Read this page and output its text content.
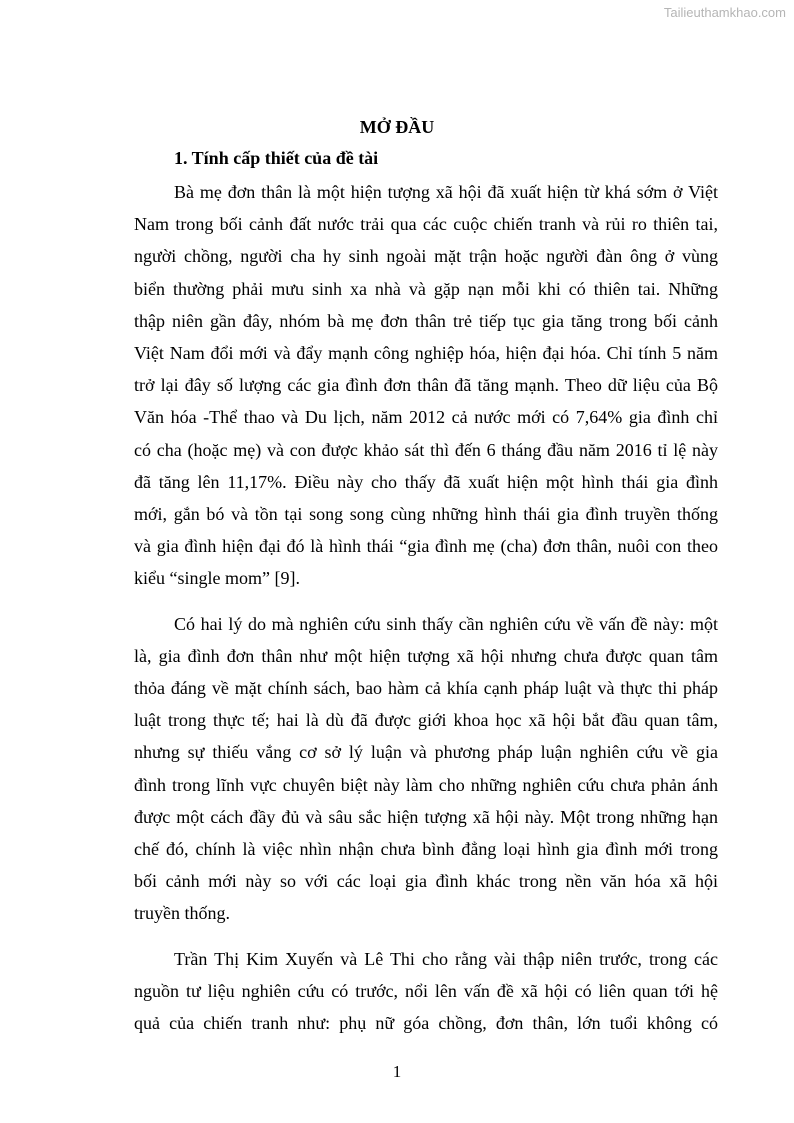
Tailieuthamkhao.com
MỞ ĐẦU
1. Tính cấp thiết của đề tài

Bà mẹ đơn thân là một hiện tượng xã hội đã xuất hiện từ khá sớm ở Việt

Nam trong bối cảnh đất nước trải qua các cuộc chiến tranh và rủi ro thiên tai,

người chồng, người cha hy sinh ngoài mặt trận hoặc người đàn ông ở vùng

biển thường phải mưu sinh xa nhà và gặp nạn mỗi khi có thiên tai. Những

thập niên gần đây, nhóm bà mẹ đơn thân trẻ tiếp tục gia tăng trong bối cảnh

Việt Nam đổi mới và đẩy mạnh công nghiệp hóa, hiện đại hóa. Chỉ tính 5 năm

trở lại đây số lượng các gia đình đơn thân đã tăng mạnh. Theo dữ liệu của Bộ

Văn hóa -Thể thao và Du lịch, năm 2012 cả nước mới có 7,64% gia đình chỉ

có cha (hoặc mẹ) và con được khảo sát thì đến 6 tháng đầu năm 2016 tỉ lệ này

đã tăng lên 11,17%. Điều này cho thấy đã xuất hiện một hình thái gia đình

mới, gắn bó và tồn tại song song cùng những hình thái gia đình truyền thống

và gia đình hiện đại đó là hình thái “gia đình mẹ (cha) đơn thân, nuôi con theo

kiểu “single mom” [9].

Có hai lý do mà nghiên cứu sinh thấy cần nghiên cứu về vấn đề này: một

là, gia đình đơn thân như một hiện tượng xã hội nhưng chưa được quan tâm

thỏa đáng về mặt chính sách, bao hàm cả khía cạnh pháp luật và thực thi pháp

luật trong thực tế; hai là dù đã được giới khoa học xã hội bắt đầu quan tâm,

nhưng sự thiếu vắng cơ sở lý luận và phương pháp luận nghiên cứu về gia

đình trong lĩnh vực chuyên biệt này làm cho những nghiên cứu chưa phản ánh

được một cách đầy đủ và sâu sắc hiện tượng xã hội này. Một trong những hạn

chế đó, chính là việc nhìn nhận chưa bình đẳng loại hình gia đình mới trong

bối cảnh mới này so với các loại gia đình khác trong nền văn hóa xã hội

truyền thống.

Trần Thị Kim Xuyến và Lê Thi cho rằng vài thập niên trước, trong các

nguồn tư liệu nghiên cứu có trước, nổi lên vấn đề xã hội có liên quan tới hệ

quả của chiến tranh như: phụ nữ góa chồng, đơn thân, lớn tuổi không có

1
